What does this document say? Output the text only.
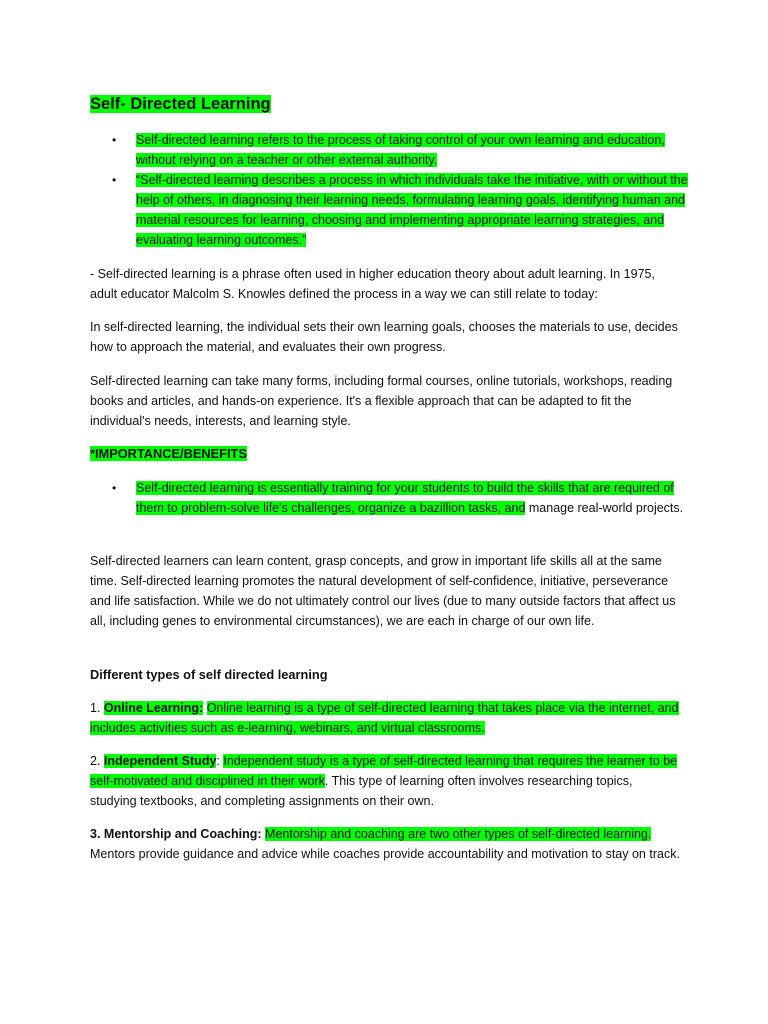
Self- Directed Learning
• Self-directed learning refers to the process of taking control of your own learning and education, without relying on a teacher or other external authority.
• “Self-directed learning describes a process in which individuals take the initiative, with or without the help of others, in diagnosing their learning needs, formulating learning goals, identifying human and material resources for learning, choosing and implementing appropriate learning strategies, and evaluating learning outcomes.”

- Self-directed learning is a phrase often used in higher education theory about adult learning. In 1975, adult educator Malcolm S. Knowles defined the process in a way we can still relate to today:

In self-directed learning, the individual sets their own learning goals, chooses the materials to use, decides how to approach the material, and evaluates their own progress.

Self-directed learning can take many forms, including formal courses, online tutorials, workshops, reading books and articles, and hands-on experience. It's a flexible approach that can be adapted to fit the individual's needs, interests, and learning style.

*IMPORTANCE/BENEFITS

• Self-directed learning is essentially training for your students to build the skills that are required of them to problem-solve life's challenges, organize a bazillion tasks, and manage real-world projects.

Self-directed learners can learn content, grasp concepts, and grow in important life skills all at the same time. Self-directed learning promotes the natural development of self-confidence, initiative, perseverance and life satisfaction. While we do not ultimately control our lives (due to many outside factors that affect us all, including genes to environmental circumstances), we are each in charge of our own life.

Different types of self directed learning

1. Online Learning: Online learning is a type of self-directed learning that takes place via the internet, and includes activities such as e-learning, webinars, and virtual classrooms.

2. Independent Study: Independent study is a type of self-directed learning that requires the learner to be self-motivated and disciplined in their work. This type of learning often involves researching topics, studying textbooks, and completing assignments on their own.

3. Mentorship and Coaching: Mentorship and coaching are two other types of self-directed learning. Mentors provide guidance and advice while coaches provide accountability and motivation to stay on track.
